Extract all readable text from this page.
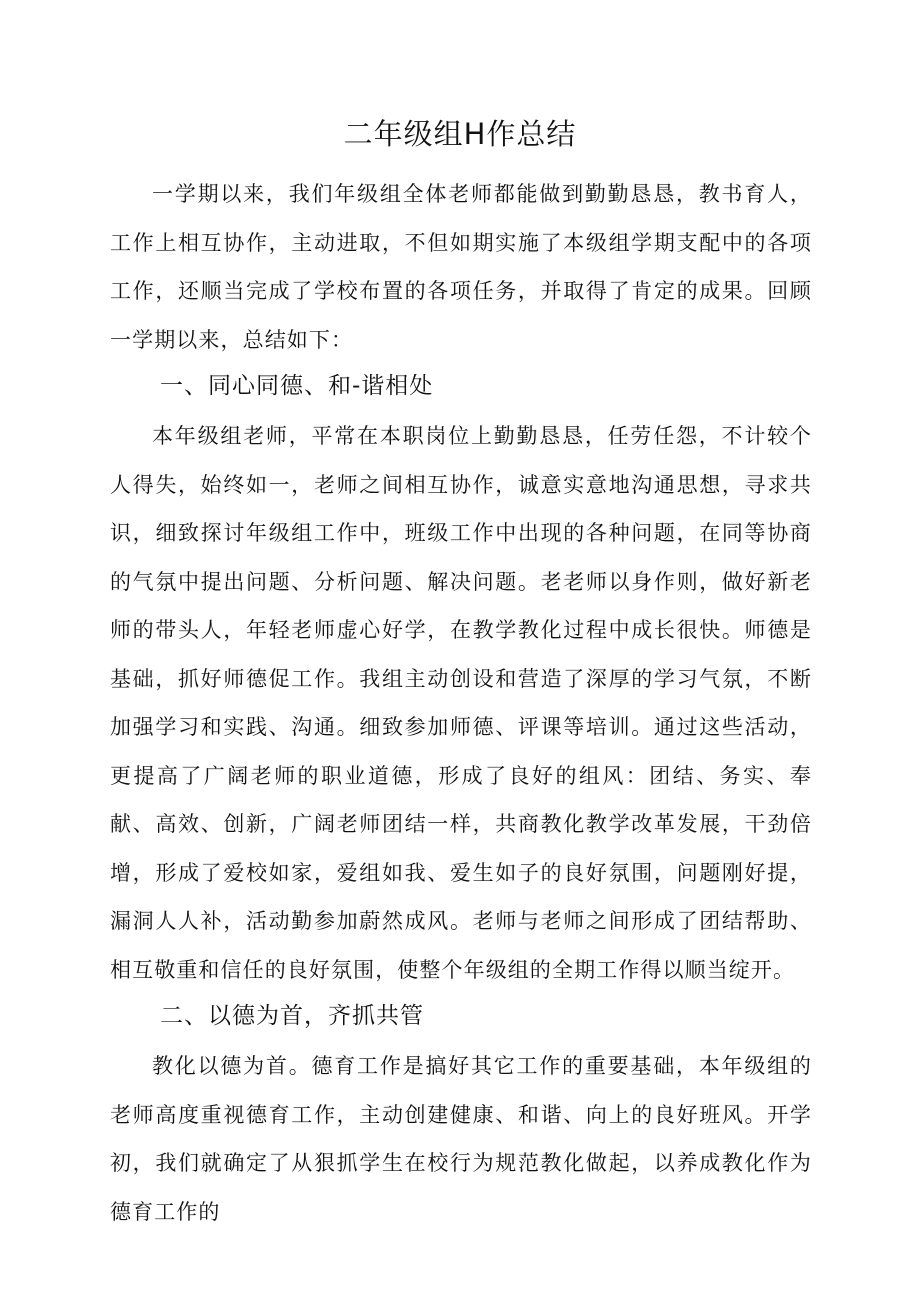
二年级组H作总结

一学期以来，我们年级组全体老师都能做到勤勤恳恳，教书育人，工作上相互协作，主动进取，不但如期实施了本级组学期支配中的各项工作，还顺当完成了学校布置的各项任务，并取得了肯定的成果。回顾一学期以来，总结如下：

一、同心同德、和-谐相处

本年级组老师，平常在本职岗位上勤勤恳恳，任劳任怨，不计较个人得失，始终如一，老师之间相互协作，诚意实意地沟通思想，寻求共识，细致探讨年级组工作中，班级工作中出现的各种问题，在同等协商的气氛中提出问题、分析问题、解决问题。老老师以身作则，做好新老师的带头人，年轻老师虚心好学，在教学教化过程中成长很快。师德是基础，抓好师德促工作。我组主动创设和营造了深厚的学习气氛，不断加强学习和实践、沟通。细致参加师德、评课等培训。通过这些活动，更提高了广阔老师的职业道德，形成了良好的组风：团结、务实、奉献、高效、创新，广阔老师团结一样，共商教化教学改革发展，干劲倍增，形成了爱校如家，爱组如我、爱生如子的良好氛围，问题刚好提，漏洞人人补，活动勤参加蔚然成风。老师与老师之间形成了团结帮助、相互敬重和信任的良好氛围，使整个年级组的全期工作得以顺当绽开。

二、以德为首，齐抓共管

教化以德为首。德育工作是搞好其它工作的重要基础，本年级组的老师高度重视德育工作，主动创建健康、和谐、向上的良好班风。开学初，我们就确定了从狠抓学生在校行为规范教化做起，以养成教化作为德育工作的
